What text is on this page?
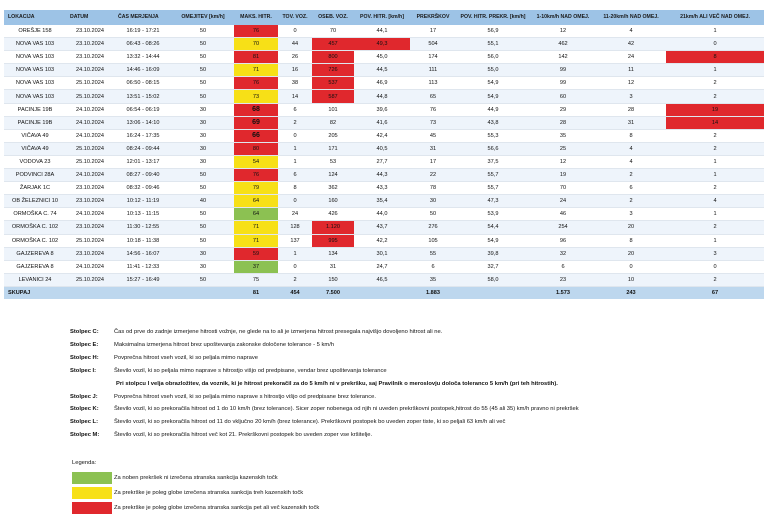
LOKACIJA	DATUM	ČAS MERJENJA	OMEJITEV [km/h]	MAKS. HITR.	TOV. VOZ.	OSEB. VOZ.	POV. HITR. [km/h]	PREKRŠKOV	POV. HITR. PREKR. [km/h]	1-10km/h NAD OMEJ.	11-20km/h NAD OMEJ.	21km/h ALI VEČ NAD OMEJ.
OREŠJE 158	23.10.2024	16:19 - 17:21	50	76	0	70	44,1	17	56,9	12	4	1
NOVA VAS 103	23.10.2024	06:43 - 08:26	50	70	44	457	49,3	504	55,1	462	42	0
NOVA VAS 103	23.10.2024	13:32 - 14:44	50	81	26	800	45,0	174	56,0	142	24	8
NOVA VAS 103	24.10.2024	14:46 - 16:09	50	71	16	726	44,5	111	55,0	99	11	1
NOVA VAS 103	25.10.2024	06:50 - 08:15	50	76	38	537	46,9	113	54,9	99	12	2
NOVA VAS 103	25.10.2024	13:51 - 15:02	50	73	14	587	44,8	65	54,9	60	3	2
PACINJE 19B	24.10.2024	06:54 - 06:19	30	68	6	101	39,6	76	44,9	29	28	19
PACINJE 19B	24.10.2024	13:06 - 14:10	30	69	2	82	41,6	73	43,8	28	31	14
VIČAVA 49	24.10.2024	16:24 - 17:35	30	66	0	205	42,4	45	55,3	35	8	2
VIČAVA 49	25.10.2024	08:24 - 09:44	30	80	1	171	40,5	31	56,6	25	4	2
VODOVA 23	25.10.2024	12:01 - 13:17	30	54	1	53	27,7	17	37,5	12	4	1
PODVINCI 28A	24.10.2024	08:27 - 09:40	50	76	6	124	44,3	22	55,7	19	2	1
ŽARJAK 1C	23.10.2024	08:32 - 09:46	50	79	8	362	43,3	78	55,7	70	6	2
OB ŽELEZNICI 10	23.10.2024	10:12 - 11:19	40	64	0	160	35,4	30	47,3	24	2	4
ORMOŠKA C. 74	24.10.2024	10:13 - 11:15	50	64	24	426	44,0	50	53,9	46	3	1
ORMOŠKA C. 102	23.10.2024	11:30 - 12:55	50	71	128	1.120	43,7	276	54,4	254	20	2
ORMOŠKA C. 102	25.10.2024	10:18 - 11:38	50	71	137	995	42,2	105	54,9	96	8	1
GAJZEREVA 8	23.10.2024	14:56 - 16:07	30	59	1	134	30,1	55	39,8	32	20	3
GAJZEREVA 8	24.10.2024	11:41 - 12:33	30	37	0	31	24,7	6	32,7	6	0	0
LEVANICI 24	25.10.2024	15:27 - 16:49	50	75	2	150	46,5	35	58,0	23	10	2
SKUPAJ				81	454	7.500		1.883		1.573	243	67
Stolpec C:	Čas od prve do zadnje izmerjene hitrosti vožnje, ne glede na to ali je izmerjena hitrost presegala najvišjo dovoljeno hitrost ali ne.
Stolpec E:	Maksimalna izmerjena hitrost brez upoštevanja zakonske določene tolerance - 5 km/h
Stolpec H:	Povprečna hitrost vseh vozil, ki so peljala mimo naprave
Stolpec I:	Število vozil, ki so peljala mimo naprave s hitrostjo višjo od predpisane, vendar brez upoštevanja tolerance
Pri stolpcu I velja obrazložitev, da voznik, ki je hitrost prekoračil za do 5 km/h ni v prekršku, saj Pravilnik o meroslovju določa toleranco 5 km/h (pri teh hitrostih).
Stolpec J:	Povprečna hitrost vseh vozil, ki so peljala mimo naprave s hitrostjo višjo od predpisane brez tolerance.
Stolpec K:	Število vozil, ki so prekoračila hitrost od 1 do 10 km/h (brez tolerance). Sicer zoper nobenega od njih ni uveden prekrškovni postopek,hitrost do 55 (45 ali 35) km/h pravno ni prekršek
Stolpec L:	Število vozil, ki so prekoračila hitrost od 11 do vključno 20 km/h (brez tolerance). Prekrškovni postopek bo uveden zoper tiste, ki so peljali 63 km/h ali več
Stolpec M:	Število vozil, ki so prekoračila hitrost več kot 21. Prekrškovni postopek bo uveden zoper vse kršitelje.
Legenda:
Za noben prekršek ni izrečena stranska sankcija kazenskih točk
Za prekrške je poleg globe izrečena stranska sankcija treh kazenskih točk
Za prekrške je poleg globe izrečena stranska sankcija pet ali več kazenskih točk
